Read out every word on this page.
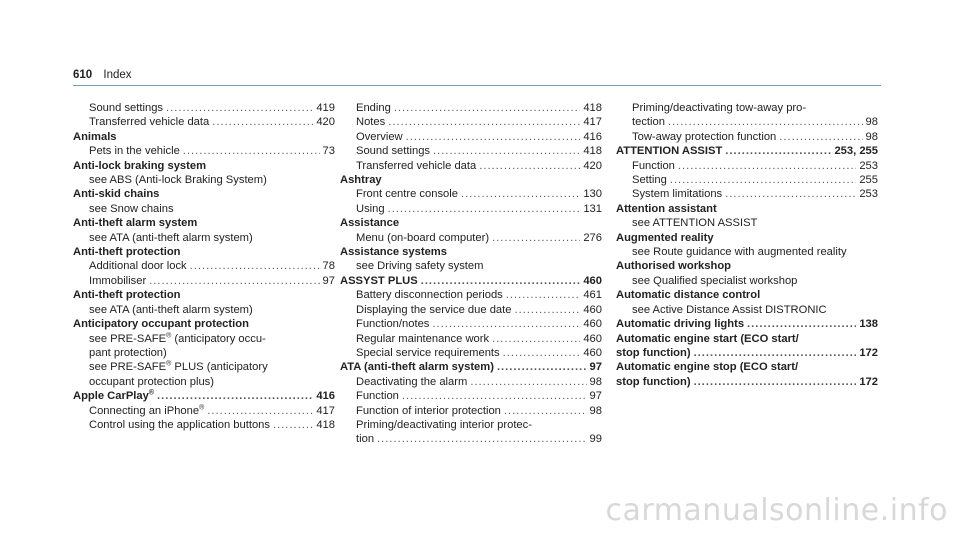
610 Index
Sound settings .....	419
Transferred vehicle data .....	420
Animals
Pets in the vehicle .....	73
Anti-lock braking system
see ABS (Anti-lock Braking System)
Anti-skid chains
see Snow chains
Anti-theft alarm system
see ATA (anti-theft alarm system)
Anti-theft protection
Additional door lock .....	78
Immobiliser .....	97
Anti-theft protection
see ATA (anti-theft alarm system)
Anticipatory occupant protection
see PRE-SAFE® (anticipatory occu-
pant protection)
see PRE-SAFE® PLUS (anticipatory
occupant protection plus)
Apple CarPlay® .....	416
Connecting an iPhone® .....	417
Control using the application buttons .....	418
Ending .....	418
Notes .....	417
Overview .....	416
Sound settings .....	418
Transferred vehicle data .....	420
Ashtray
Front centre console .....	130
Using .....	131
Assistance
Menu (on-board computer) .....	276
Assistance systems
see Driving safety system
ASSYST PLUS .....	460
Battery disconnection periods .....	461
Displaying the service due date .....	460
Function/notes .....	460
Regular maintenance work .....	460
Special service requirements .....	460
ATA (anti-theft alarm system) .....	97
Deactivating the alarm .....	98
Function .....	97
Function of interior protection .....	98
Priming/deactivating interior protec-
tion .....	99
Priming/deactivating tow-away pro-
tection .....	98
Tow-away protection function .....	98
ATTENTION ASSIST .....	253, 255
Function .....	253
Setting .....	255
System limitations .....	253
Attention assistant
see ATTENTION ASSIST
Augmented reality
see Route guidance with augmented reality
Authorised workshop
see Qualified specialist workshop
Automatic distance control
see Active Distance Assist DISTRONIC
Automatic driving lights .....	138
Automatic engine start (ECO start/
stop function) .....	172
Automatic engine stop (ECO start/
stop function) .....	172
carmanualsonline.info
